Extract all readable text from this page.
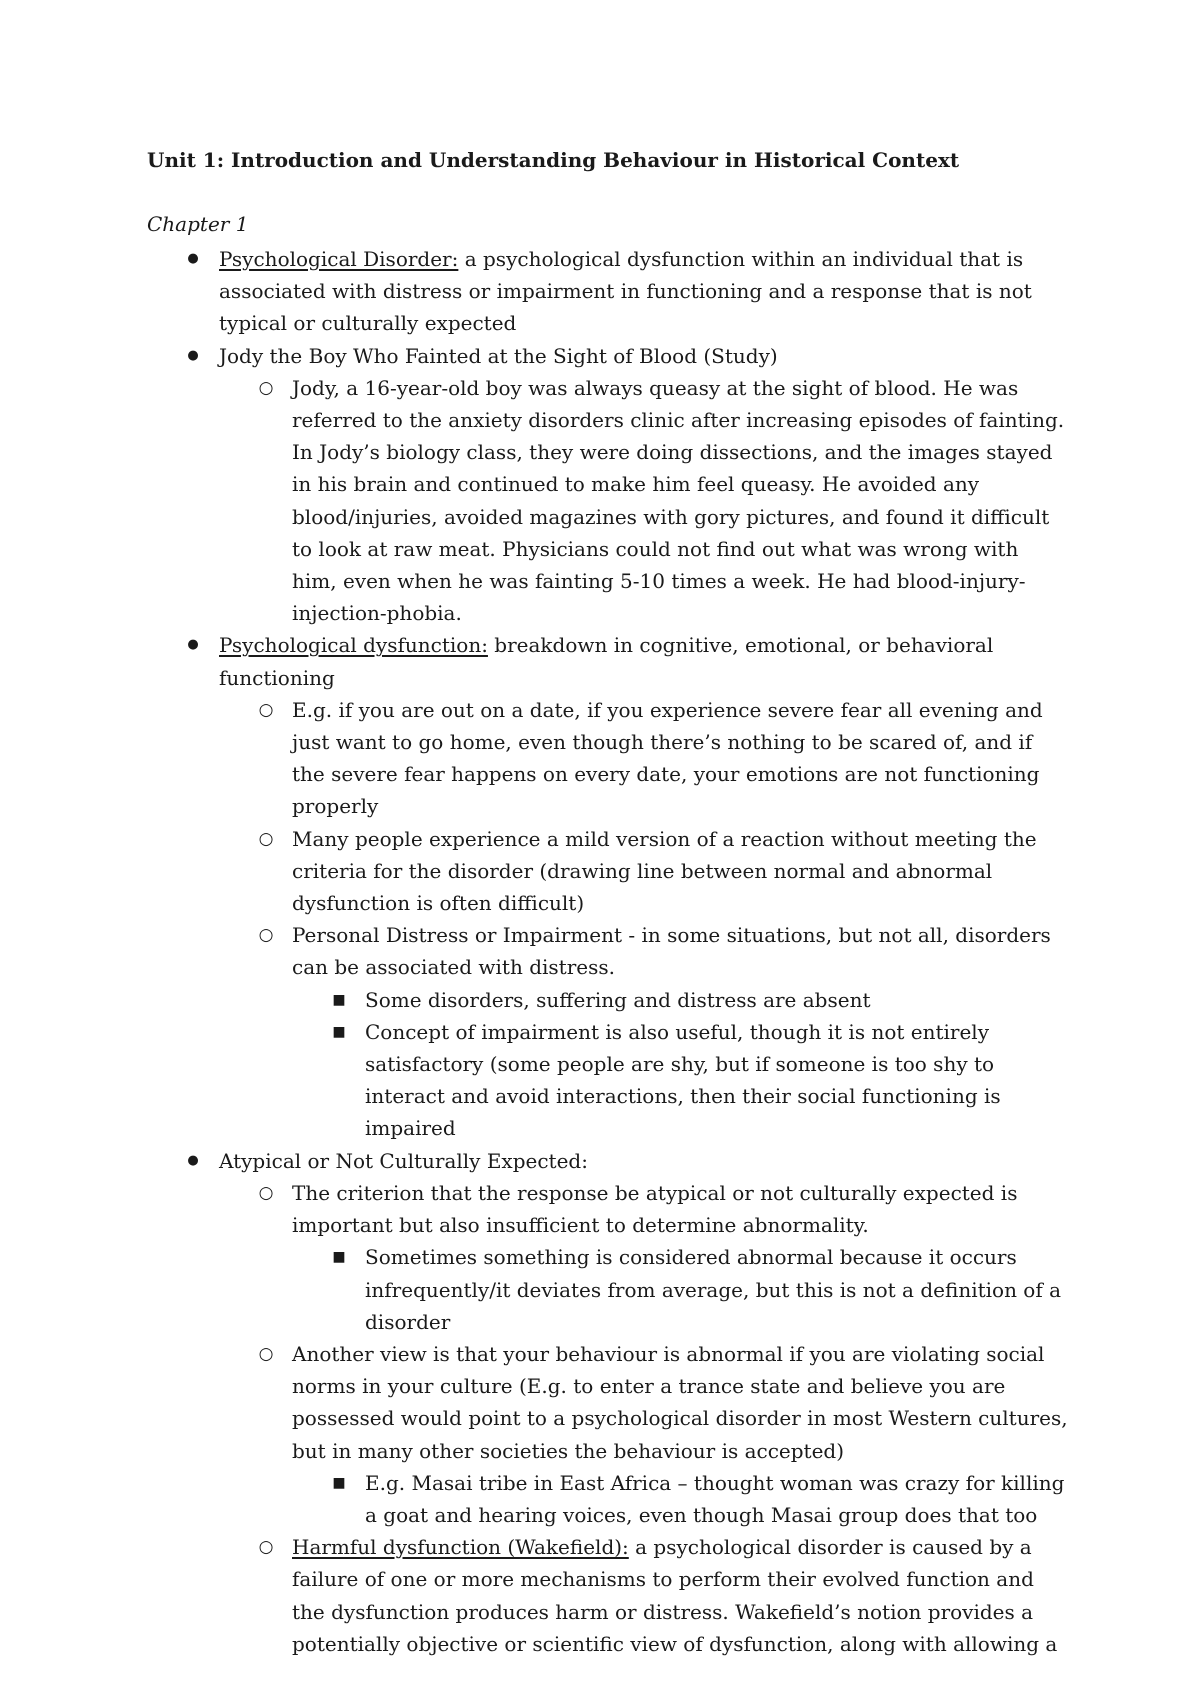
Unit 1: Introduction and Understanding Behaviour in Historical Context
Chapter 1

● Psychological Disorder: a psychological dysfunction within an individual that is associated with distress or impairment in functioning and a response that is not typical or culturally expected

● Jody the Boy Who Fainted at the Sight of Blood (Study)

○ Jody, a 16-year-old boy was always queasy at the sight of blood. He was referred to the anxiety disorders clinic after increasing episodes of fainting. In Jody’s biology class, they were doing dissections, and the images stayed in his brain and continued to make him feel queasy. He avoided any blood/injuries, avoided magazines with gory pictures, and found it difficult to look at raw meat. Physicians could not find out what was wrong with him, even when he was fainting 5-10 times a week. He had blood-injury-injection-phobia.

● Psychological dysfunction: breakdown in cognitive, emotional, or behavioral functioning

○ E.g. if you are out on a date, if you experience severe fear all evening and just want to go home, even though there’s nothing to be scared of, and if the severe fear happens on every date, your emotions are not functioning properly

○ Many people experience a mild version of a reaction without meeting the criteria for the disorder (drawing line between normal and abnormal dysfunction is often difficult)

○ Personal Distress or Impairment - in some situations, but not all, disorders can be associated with distress.

■ Some disorders, suffering and distress are absent

■ Concept of impairment is also useful, though it is not entirely satisfactory (some people are shy, but if someone is too shy to interact and avoid interactions, then their social functioning is impaired

● Atypical or Not Culturally Expected:

○ The criterion that the response be atypical or not culturally expected is important but also insufficient to determine abnormality.

■ Sometimes something is considered abnormal because it occurs infrequently/it deviates from average, but this is not a definition of a disorder

○ Another view is that your behaviour is abnormal if you are violating social norms in your culture (E.g. to enter a trance state and believe you are possessed would point to a psychological disorder in most Western cultures, but in many other societies the behaviour is accepted)

■ E.g. Masai tribe in East Africa – thought woman was crazy for killing a goat and hearing voices, even though Masai group does that too

○ Harmful dysfunction (Wakefield): a psychological disorder is caused by a failure of one or more mechanisms to perform their evolved function and the dysfunction produces harm or distress. Wakefield’s notion provides a potentially objective or scientific view of dysfunction, along with allowing a
